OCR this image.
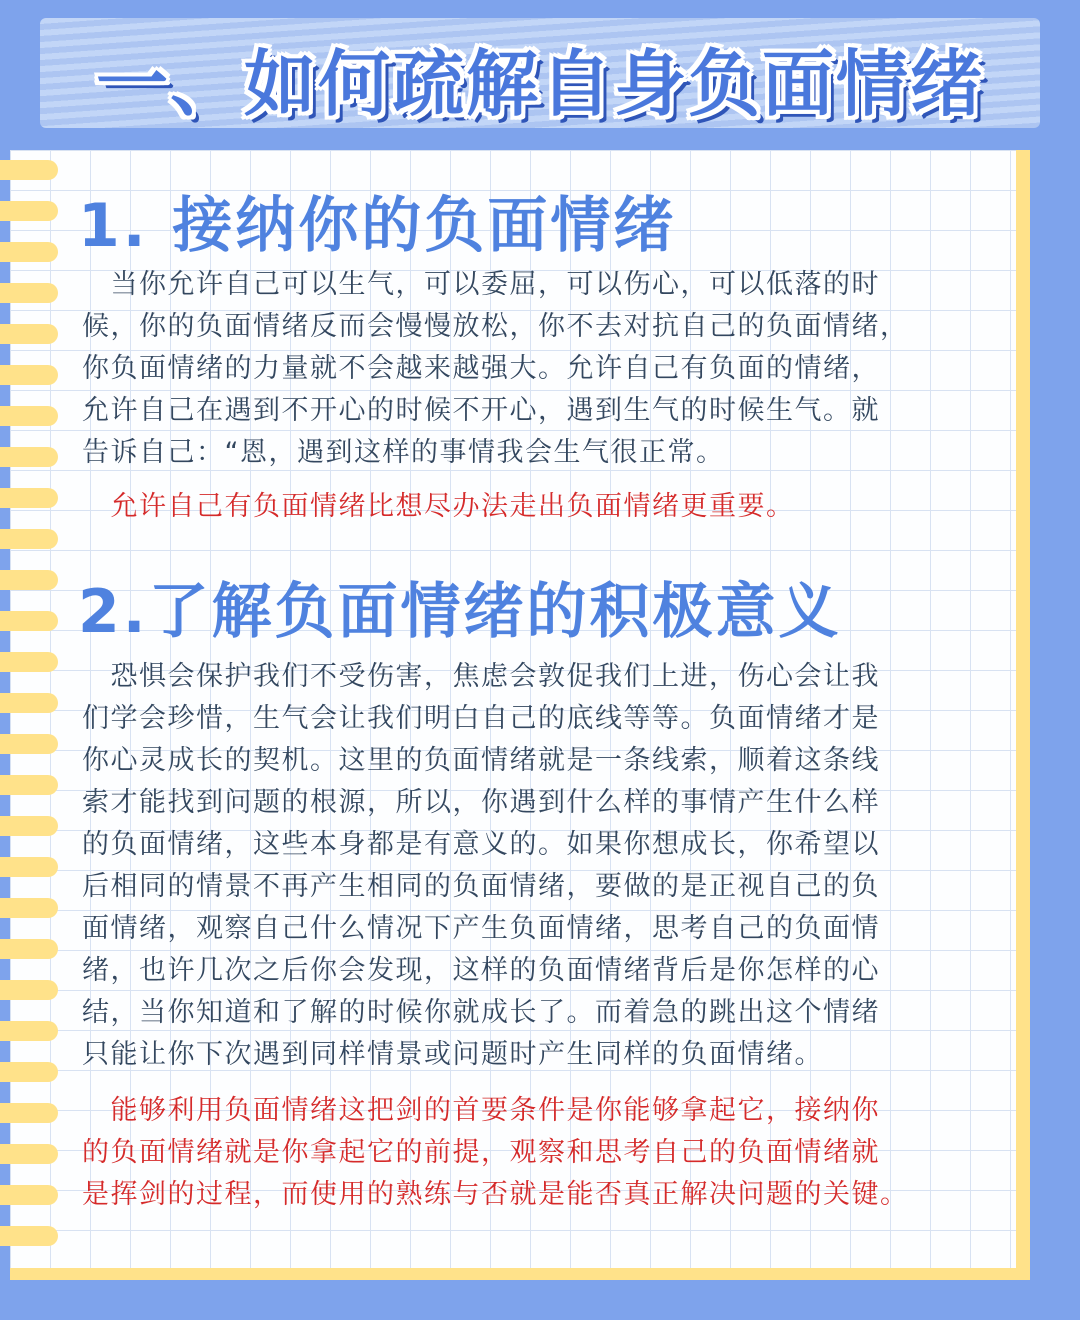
一、如何疏解自身负面情绪
1. 接纳你的负面情绪

　当你允许自己可以生气，可以委屈，可以伤心，可以低落的时
候，你的负面情绪反而会慢慢放松，你不去对抗自己的负面情绪，
你负面情绪的力量就不会越来越强大。允许自己有负面的情绪，
允许自己在遇到不开心的时候不开心，遇到生气的时候生气。就
告诉自己：“恩，遇到这样的事情我会生气很正常。

　允许自己有负面情绪比想尽办法走出负面情绪更重要。

2.了解负面情绪的积极意义

　恐惧会保护我们不受伤害，焦虑会敦促我们上进，伤心会让我
们学会珍惜，生气会让我们明白自己的底线等等。负面情绪才是
你心灵成长的契机。这里的负面情绪就是一条线索，顺着这条线
索才能找到问题的根源，所以，你遇到什么样的事情产生什么样
的负面情绪，这些本身都是有意义的。如果你想成长，你希望以
后相同的情景不再产生相同的负面情绪，要做的是正视自己的负
面情绪，观察自己什么情况下产生负面情绪，思考自己的负面情
绪，也许几次之后你会发现，这样的负面情绪背后是你怎样的心
结，当你知道和了解的时候你就成长了。而着急的跳出这个情绪
只能让你下次遇到同样情景或问题时产生同样的负面情绪。

　能够利用负面情绪这把剑的首要条件是你能够拿起它，接纳你
的负面情绪就是你拿起它的前提，观察和思考自己的负面情绪就
是挥剑的过程，而使用的熟练与否就是能否真正解决问题的关键。
